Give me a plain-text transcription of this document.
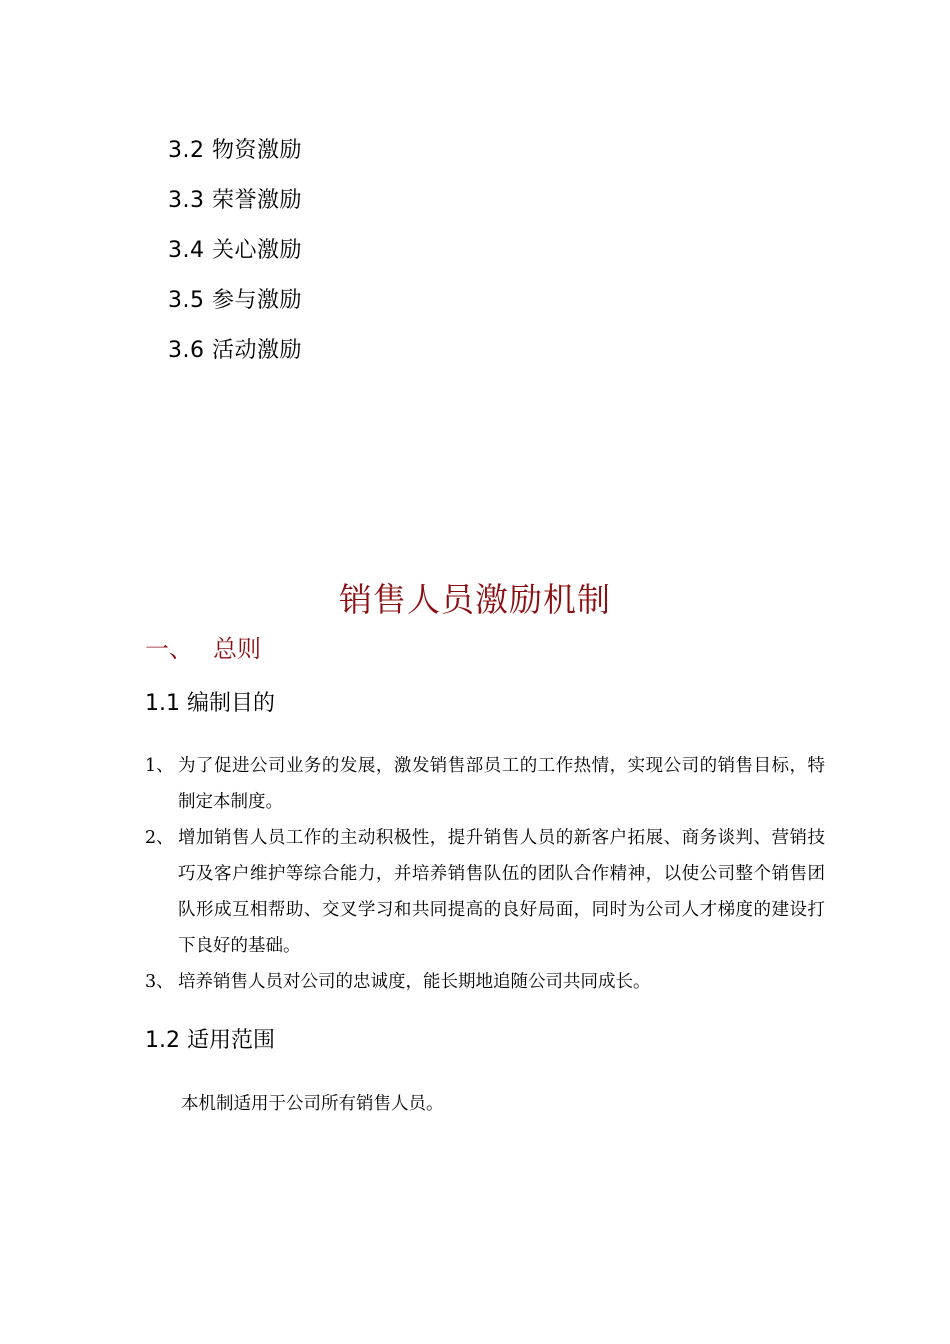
3.2 物资激励
3.3 荣誉激励
3.4 关心激励
3.5 参与激励
3.6 活动激励
销售人员激励机制
一、 总则
1.1 编制目的
1、 为了促进公司业务的发展，激发销售部员工的工作热情，实现公司的销售目标，特制定本制度。
2、 增加销售人员工作的主动积极性，提升销售人员的新客户拓展、商务谈判、营销技巧及客户维护等综合能力，并培养销售队伍的团队合作精神，以使公司整个销售团队形成互相帮助、交叉学习和共同提高的良好局面，同时为公司人才梯度的建设打下良好的基础。
3、 培养销售人员对公司的忠诚度，能长期地追随公司共同成长。
1.2 适用范围

本机制适用于公司所有销售人员。
